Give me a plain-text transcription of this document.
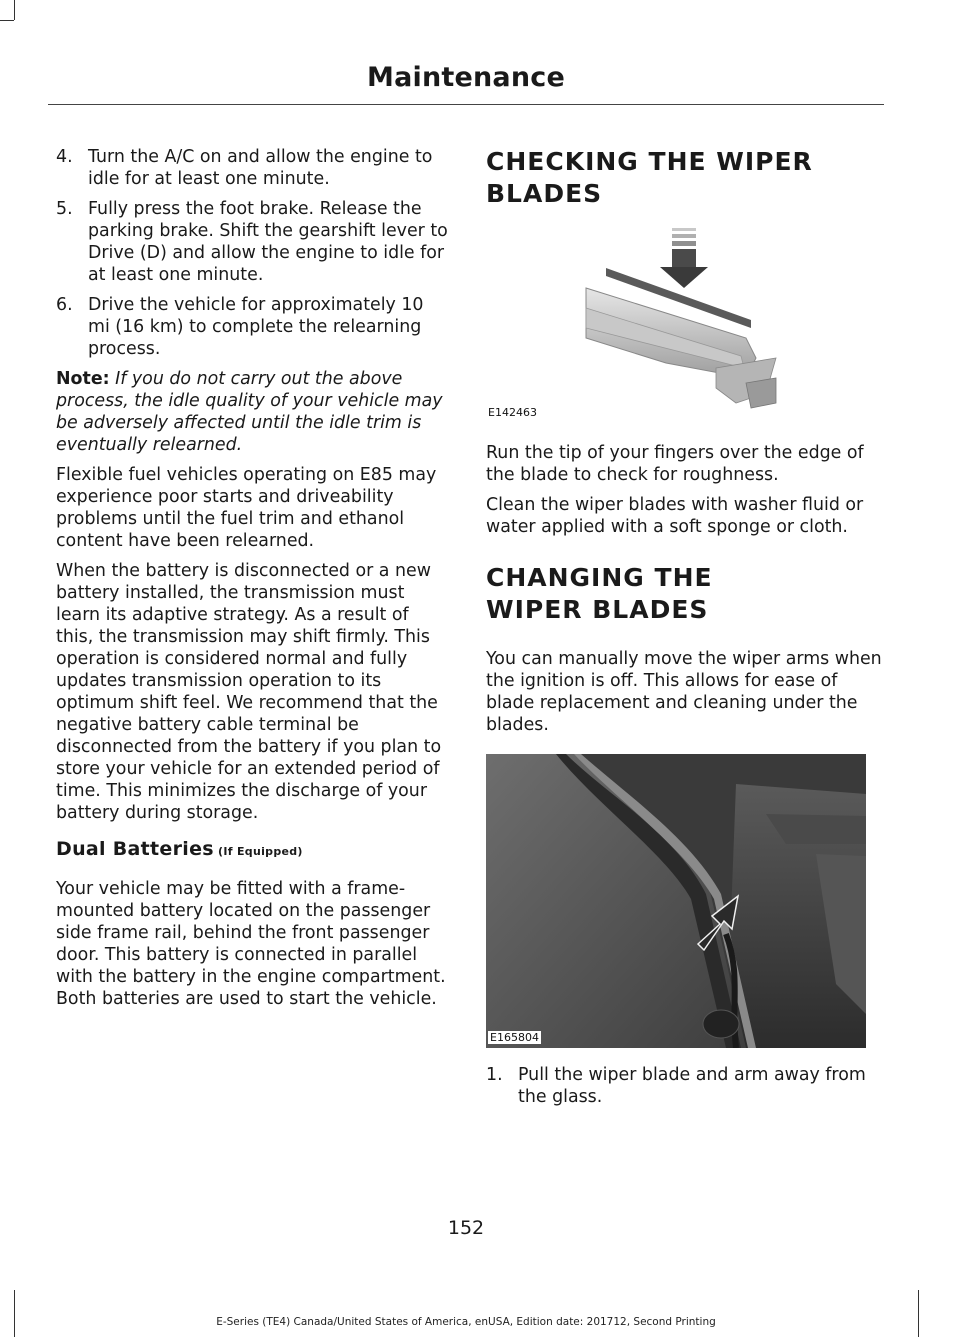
Maintenance
4. Turn the A/C on and allow the engine to idle for at least one minute.
5. Fully press the foot brake. Release the parking brake. Shift the gearshift lever to Drive (D) and allow the engine to idle for at least one minute.
6. Drive the vehicle for approximately 10 mi (16 km) to complete the relearning process.

Note: If you do not carry out the above process, the idle quality of your vehicle may be adversely affected until the idle trim is eventually relearned.

Flexible fuel vehicles operating on E85 may experience poor starts and driveability problems until the fuel trim and ethanol content have been relearned.

When the battery is disconnected or a new battery installed, the transmission must learn its adaptive strategy. As a result of this, the transmission may shift firmly. This operation is considered normal and fully updates transmission operation to its optimum shift feel. We recommend that the negative battery cable terminal be disconnected from the battery if you plan to store your vehicle for an extended period of time. This minimizes the discharge of your battery during storage.

Dual Batteries (If Equipped)

Your vehicle may be fitted with a frame-mounted battery located on the passenger side frame rail, behind the front passenger door. This battery is connected in parallel with the battery in the engine compartment. Both batteries are used to start the vehicle.

CHECKING THE WIPER BLADES
E142463

Run the tip of your fingers over the edge of the blade to check for roughness.

Clean the wiper blades with washer fluid or water applied with a soft sponge or cloth.

CHANGING THE WIPER BLADES

You can manually move the wiper arms when the ignition is off. This allows for ease of blade replacement and cleaning under the blades.

E165804
1. Pull the wiper blade and arm away from the glass.
152
E-Series (TE4) Canada/United States of America, enUSA, Edition date: 201712, Second Printing
